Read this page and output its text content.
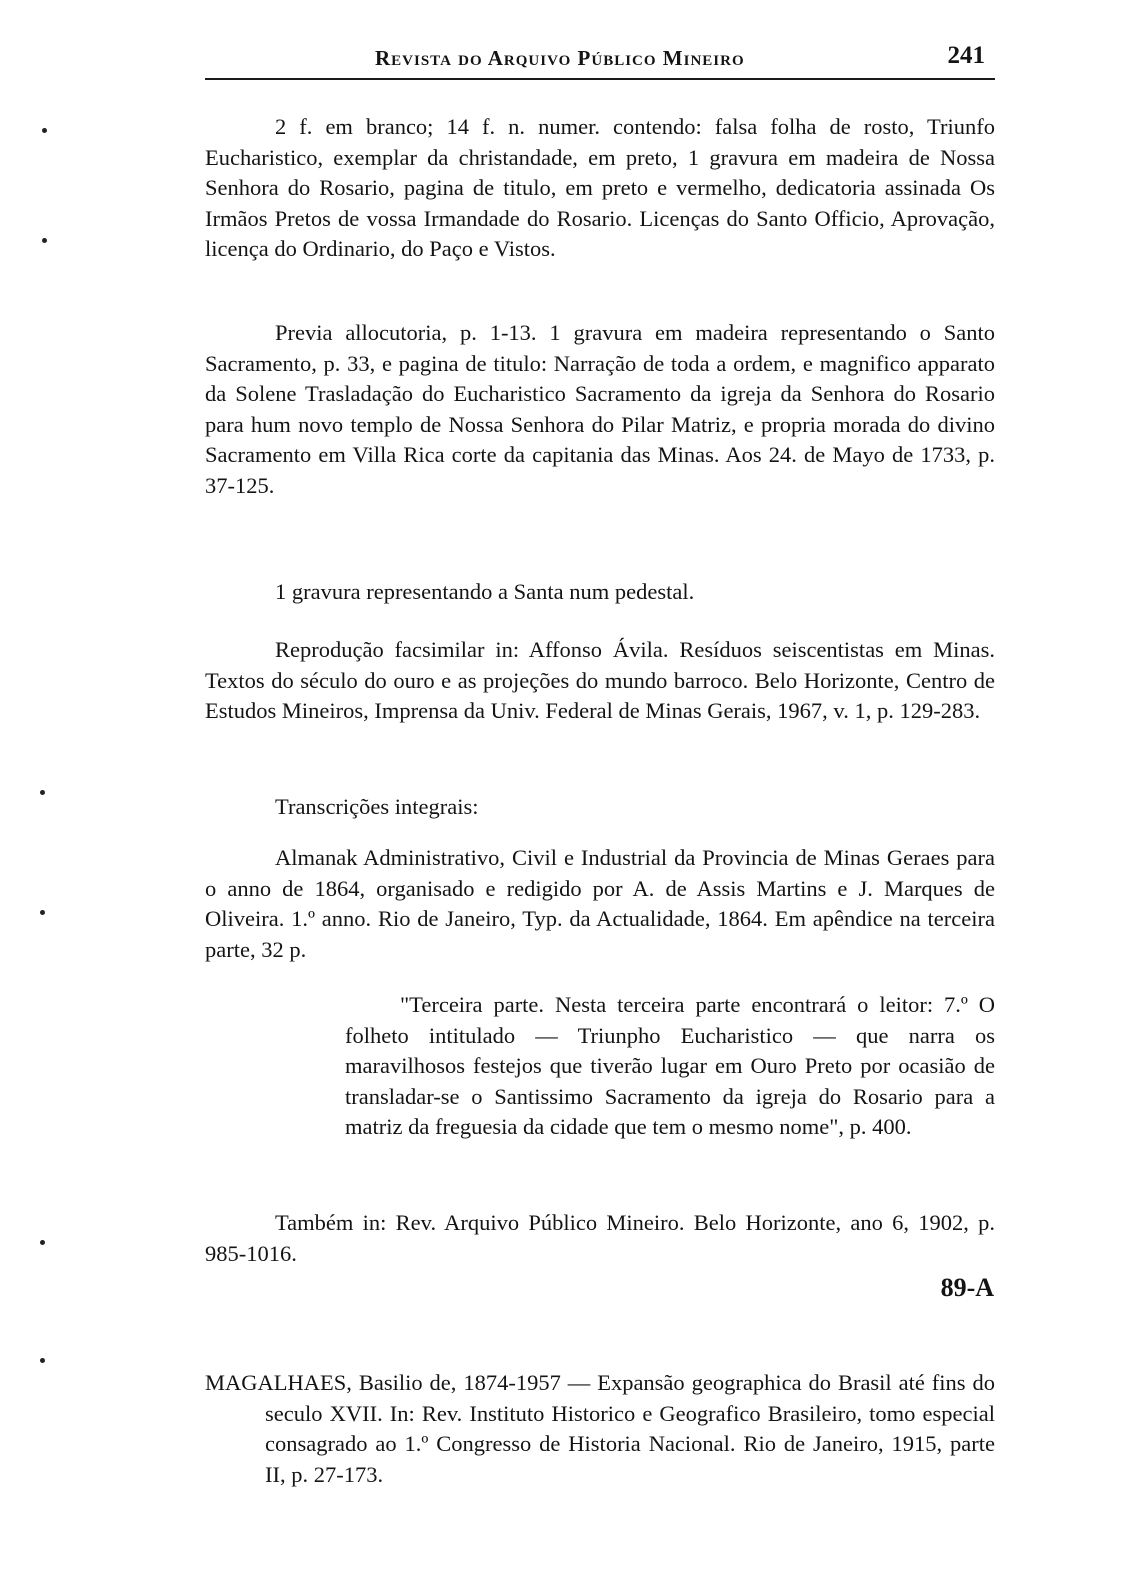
Revista do Arquivo Público Mineiro	241

2 f. em branco; 14 f. n. numer. contendo: falsa folha de rosto, Triunfo Eucharistico, exemplar da christandade, em preto, 1 gravura em madeira de Nossa Senhora do Rosario, pagina de titulo, em preto e vermelho, dedicatoria assinada Os Irmãos Pretos de vossa Irmandade do Rosario. Licenças do Santo Officio, Aprovação, licença do Ordinario, do Paço e Vistos.

Previa allocutoria, p. 1-13. 1 gravura em madeira representando o Santo Sacramento, p. 33, e pagina de titulo: Narração de toda a ordem, e magnifico apparato da Solene Trasladação do Eucharistico Sacramento da igreja da Senhora do Rosario para hum novo templo de Nossa Senhora do Pilar Matriz, e propria morada do divino Sacramento em Villa Rica corte da capitania das Minas. Aos 24. de Mayo de 1733, p. 37-125.

1 gravura representando a Santa num pedestal.

Reprodução facsimilar in: Affonso Ávila. Resíduos seiscentistas em Minas. Textos do século do ouro e as projeções do mundo barroco. Belo Horizonte, Centro de Estudos Mineiros, Imprensa da Univ. Federal de Minas Gerais, 1967, v. 1, p. 129-283.

Transcrições integrais:

Almanak Administrativo, Civil e Industrial da Provincia de Minas Geraes para o anno de 1864, organisado e redigido por A. de Assis Martins e J. Marques de Oliveira. 1.º anno. Rio de Janeiro, Typ. da Actualidade, 1864. Em apêndice na terceira parte, 32 p.

"Terceira parte. Nesta terceira parte encontrará o leitor: 7.º O folheto intitulado — Triunpho Eucharistico — que narra os maravilhosos festejos que tiverão lugar em Ouro Preto por ocasião de transladar-se o Santissimo Sacramento da igreja do Rosario para a matriz da freguesia da cidade que tem o mesmo nome", p. 400.

Também in: Rev. Arquivo Público Mineiro. Belo Horizonte, ano 6, 1902, p. 985-1016.

89-A

MAGALHAES, Basilio de, 1874-1957 — Expansão geographica do Brasil até fins do seculo XVII. In: Rev. Instituto Historico e Geografico Brasileiro, tomo especial consagrado ao 1.º Congresso de Historia Nacional. Rio de Janeiro, 1915, parte II, p. 27-173.
